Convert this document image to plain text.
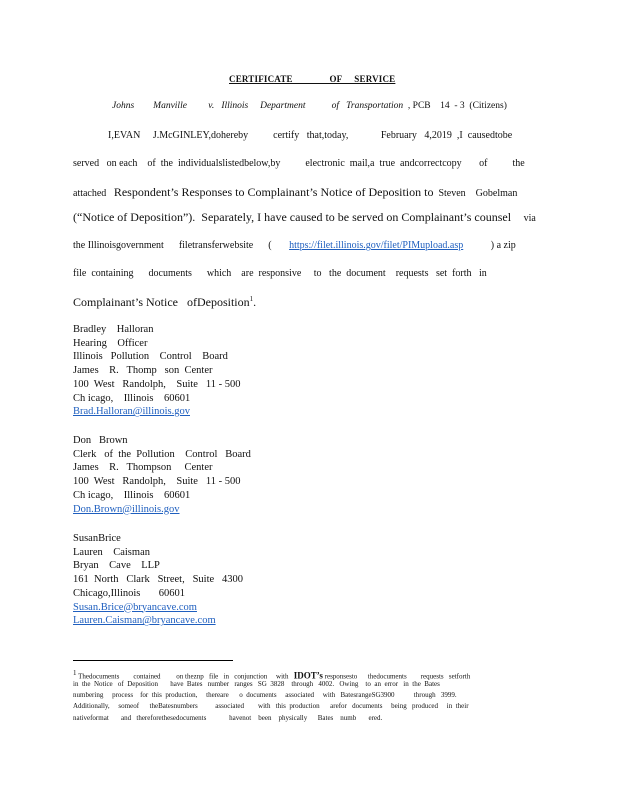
CERTIFICATE               OF     SERVICE
Johns        Manville         v.   Illinois     Department           of   Transportation  , PCB    14  - 3  (Citizens)
I,EVAN     J.McGINLEY,dohereby          certify   that,today,             February   4,2019  ,I  causedtobe
served   on each    of  the  individualslistedbelow,by          electronic  mail,a  true  andcorrectcopy       of          the
attached   Respondent’s Responses to Complainant’s Notice of Deposition to  Steven    Gobelman
(“Notice of Deposition”).  Separately, I have caused to be served on Complainant’s counsel     via
the Illinoisgovernment      filetransferwebsite      (       https://filet.illinois.gov/filet/PIMupload.asp           ) a zip
file  containing      documents      which    are  responsive     to   the  document    requests   set  forth   in
Complainant’s Notice   ofDeposition$^1$.
Bradley    Halloran
Hearing    Officer
Illinois   Pollution    Control    Board
James    R.   Thomp   son  Center
100  West   Randolph,    Suite   11 - 500
Ch icago,    Illinois    60601
Brad.Halloran@illinois.gov
Don   Brown
Clerk   of  the  Pollution    Control   Board
James    R.   Thompson     Center
100  West   Randolph,    Suite   11 - 500
Ch icago,    Illinois    60601
Don.Brown@illinois.gov
SusanBrice
Lauren    Caisman
Bryan    Cave    LLP
161  North   Clark   Street,   Suite   4300
Chicago,Illinois       60601
Susan.Brice@bryancave.com
Lauren.Caisman@bryancave.com
$^1$ Thedocuments        contained         on theznp   file   in   conjunction     with   IDOT’s responsesto      thedocuments        requests   setforth
in  the  Notice   of  Deposition       have  Bates   number   ranges   SG  3828    through   4002.   Owing    to  an  error   in  the  Bates
numbering     process    for  this  production,     thereare      o  documents     associated     with   BatesrangeSG3900           through   3999.
Additionally,     someof      theBatesnumbers          associated        with   this  production      arefor   documents     being   produced     in  their
nativeformat       and   thereforethesedocuments             havenot    been    physically      Bates    numb       ered.
